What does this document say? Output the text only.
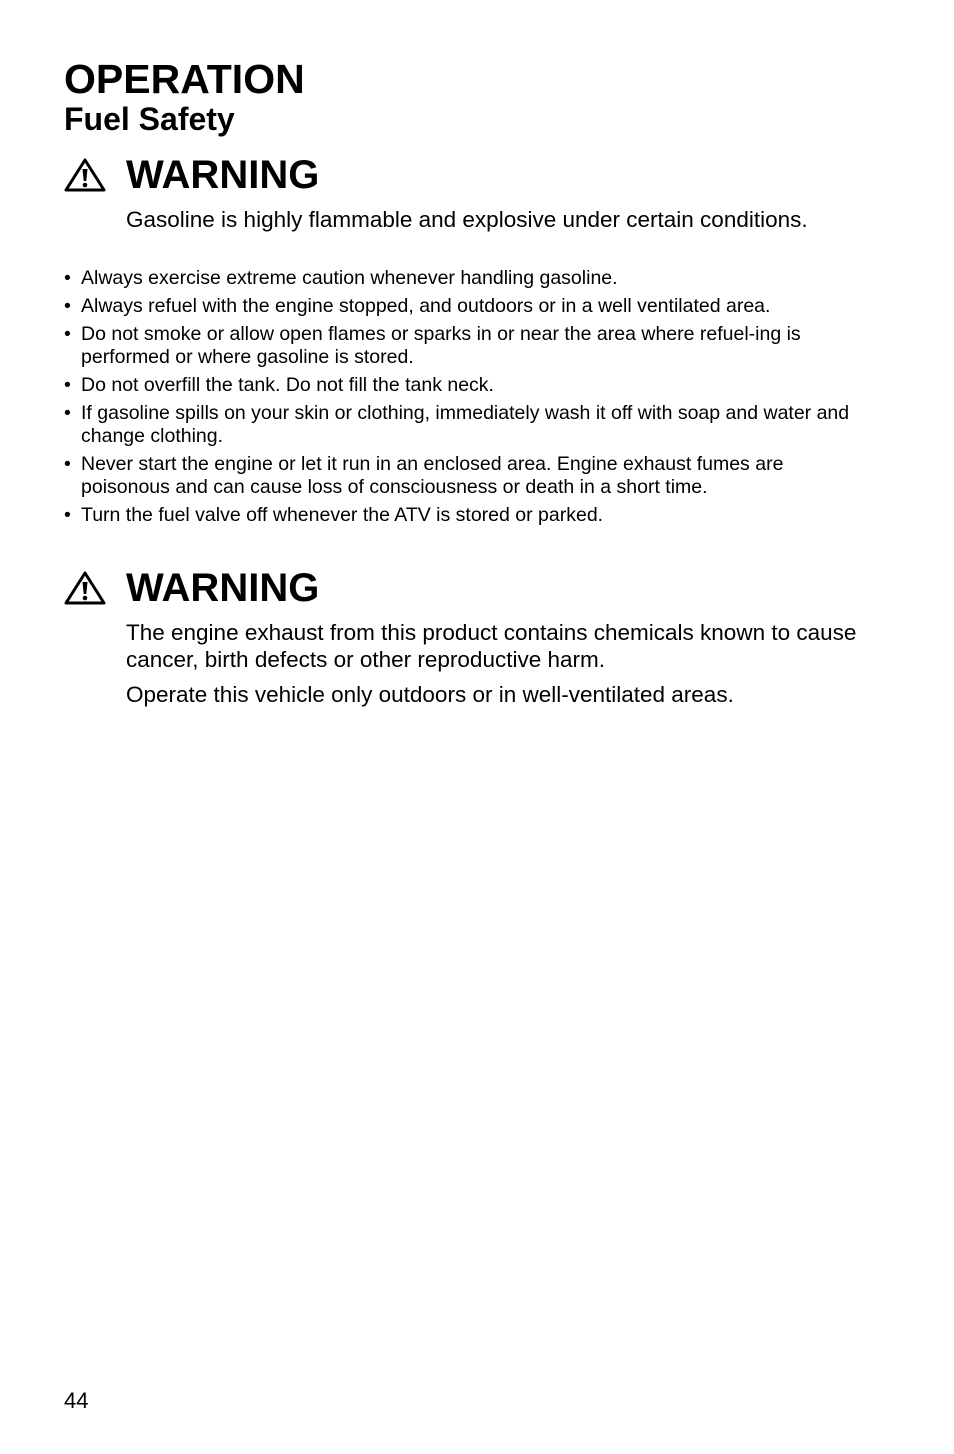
OPERATION
Fuel Safety
WARNING

Gasoline is highly flammable and explosive under certain conditions.

• Always exercise extreme caution whenever handling gasoline.
• Always refuel with the engine stopped, and outdoors or in a well ventilated area.
• Do not smoke or allow open flames or sparks in or near the area where refuel-ing is performed or where gasoline is stored.
• Do not overfill the tank. Do not fill the tank neck.
• If gasoline spills on your skin or clothing, immediately wash it off with soap and water and change clothing.
• Never start the engine or let it run in an enclosed area. Engine exhaust fumes are poisonous and can cause loss of consciousness or death in a short time.
• Turn the fuel valve off whenever the ATV is stored or parked.
WARNING

The engine exhaust from this product contains chemicals known to cause cancer, birth defects or other reproductive harm.

Operate this vehicle only outdoors or in well-ventilated areas.

44
